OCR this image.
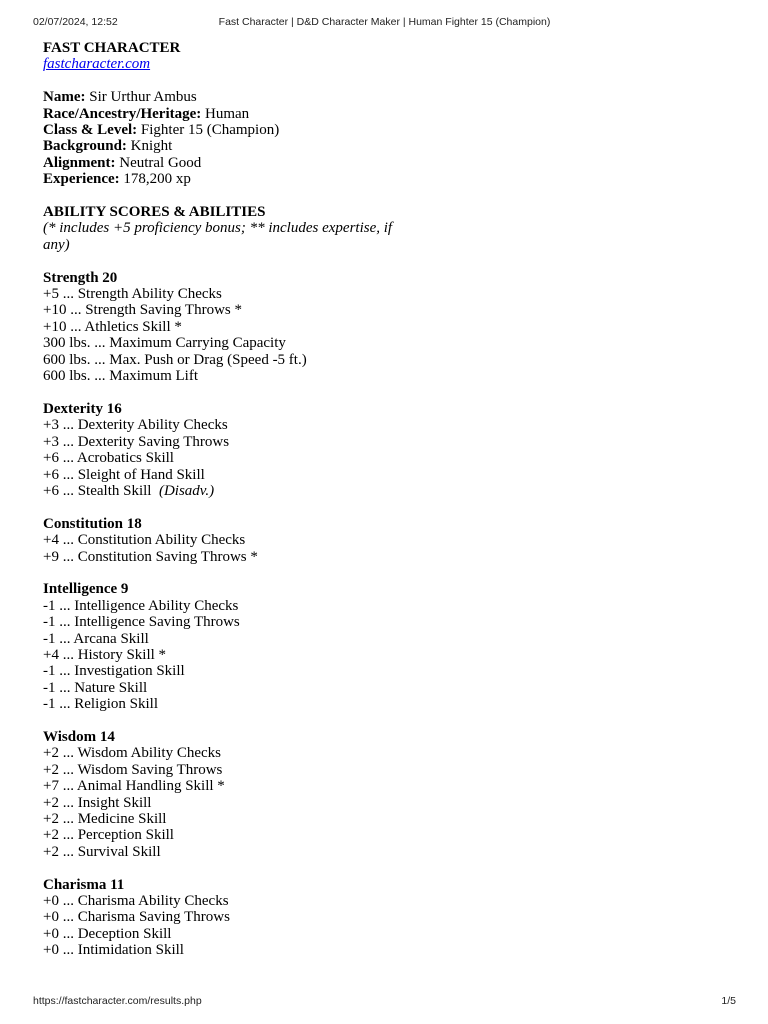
02/07/2024, 12:52	Fast Character | D&D Character Maker | Human Fighter 15 (Champion)
FAST CHARACTER
fastcharacter.com
Name: Sir Urthur Ambus
Race/Ancestry/Heritage: Human
Class & Level: Fighter 15 (Champion)
Background: Knight
Alignment: Neutral Good
Experience: 178,200 xp
ABILITY SCORES & ABILITIES
(* includes +5 proficiency bonus; ** includes expertise, if any)
Strength 20
+5 ... Strength Ability Checks
+10 ... Strength Saving Throws *
+10 ... Athletics Skill *
300 lbs. ... Maximum Carrying Capacity
600 lbs. ... Max. Push or Drag (Speed -5 ft.)
600 lbs. ... Maximum Lift
Dexterity 16
+3 ... Dexterity Ability Checks
+3 ... Dexterity Saving Throws
+6 ... Acrobatics Skill
+6 ... Sleight of Hand Skill
+6 ... Stealth Skill (Disadv.)
Constitution 18
+4 ... Constitution Ability Checks
+9 ... Constitution Saving Throws *
Intelligence 9
-1 ... Intelligence Ability Checks
-1 ... Intelligence Saving Throws
-1 ... Arcana Skill
+4 ... History Skill *
-1 ... Investigation Skill
-1 ... Nature Skill
-1 ... Religion Skill
Wisdom 14
+2 ... Wisdom Ability Checks
+2 ... Wisdom Saving Throws
+7 ... Animal Handling Skill *
+2 ... Insight Skill
+2 ... Medicine Skill
+2 ... Perception Skill
+2 ... Survival Skill
Charisma 11
+0 ... Charisma Ability Checks
+0 ... Charisma Saving Throws
+0 ... Deception Skill
+0 ... Intimidation Skill
https://fastcharacter.com/results.php	1/5
